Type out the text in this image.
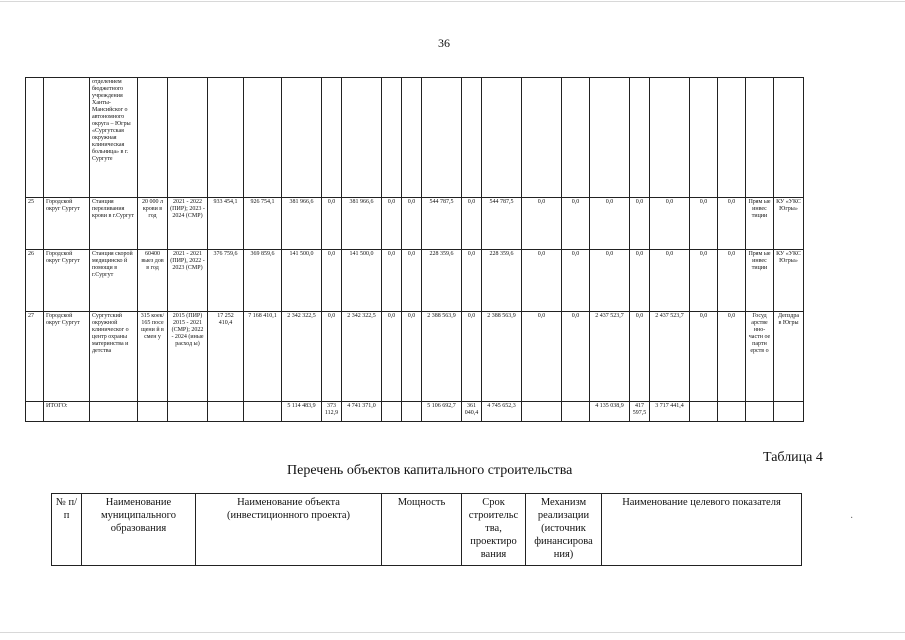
36
		отделением бюджетного учреждения Ханты-Мансийског о автономного округа – Югры «Сургутская окружная клиническая больница» в г. Сургуте																					
25	Городской округ Сургут	Станция переливания крови в г.Сургут	20 000 л крови в год	2021 - 2022 (ПИР); 2023 - 2024 (СМР)	933 454,1	926 754,1	381 966,6	0,0	381 966,6	0,0	0,0	544 787,5	0,0	544 787,5	0,0	0,0	0,0	0,0	0,0	0,0	0,0	Прям ые инвес тиции	КУ «УКС Югры»
26	Городской округ Сургут	Станция скорой медицинско й помощи в г.Сургут	60400 выез дов в год	2021 - 2021 (ПИР), 2022 - 2023 (СМР)	376 759,6	369 859,6	141 500,0	0,0	141 500,0	0,0	0,0	228 359,6	0,0	228 359,6	0,0	0,0	0,0	0,0	0,0	0,0	0,0	Прям ые инвес тиции	КУ «УКС Югры»
27	Городской округ Сургут	Сургутский окружной клиническог о центр охраны материнства и детства	315 коек/ 165 посе щени й в смен у	2015 (ПИР) 2015 - 2021 (СМР); 2022 - 2024 (иные расход ы)	17 252 410,4	7 168 410,1	2 342 322,5	0,0	2 342 322,5	0,0	0,0	2 388 563,9	0,0	2 388 563,9	0,0	0,0	2 437 523,7	0,0	2 437 523,7	0,0	0,0	Госуд арстве нно-частн ое партн ерств о	Депздра в Югры
	ИТОГО:						5 114 483,9	373 112,9	4 741 371,0			5 106 692,7	361 040,4	4 745 652,3			4 135 038,9	417 597,5	3 717 441,4				
Таблица 4
Перечень объектов капитального строительства
№ п/п	Наименование муниципального образования	Наименование объекта (инвестиционного проекта)	Мощность	Срок строительс тва, проектиро вания	Механизм реализации (источник финансирова ния)	Наименование целевого показателя
·
